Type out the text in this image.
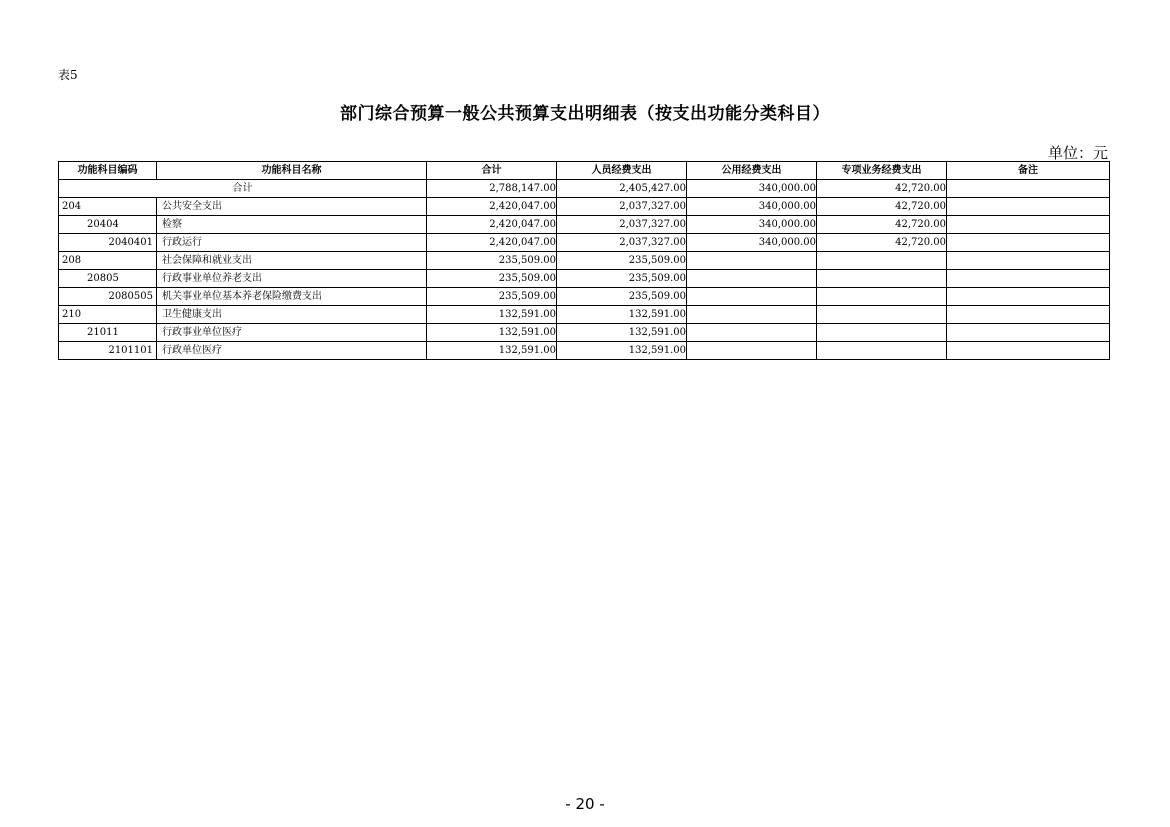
表5
部门综合预算一般公共预算支出明细表（按支出功能分类科目）
单位：元
功能科目编码	功能科目名称	合计	人员经费支出	公用经费支出	专项业务经费支出	备注
合计		2,788,147.00	2,405,427.00	340,000.00	42,720.00	
204	公共安全支出	2,420,047.00	2,037,327.00	340,000.00	42,720.00	
20404	检察	2,420,047.00	2,037,327.00	340,000.00	42,720.00	
2040401	行政运行	2,420,047.00	2,037,327.00	340,000.00	42,720.00	
208	社会保障和就业支出	235,509.00	235,509.00			
20805	行政事业单位养老支出	235,509.00	235,509.00			
2080505	机关事业单位基本养老保险缴费支出	235,509.00	235,509.00			
210	卫生健康支出	132,591.00	132,591.00			
21011	行政事业单位医疗	132,591.00	132,591.00			
2101101	行政单位医疗	132,591.00	132,591.00			
- 20 -
